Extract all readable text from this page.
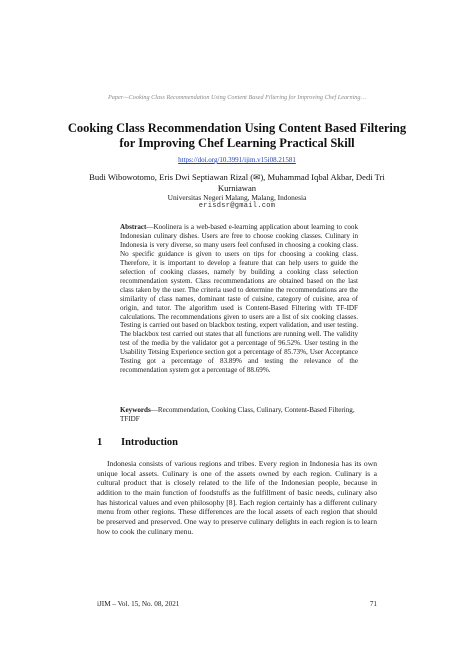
Paper—Cooking Class Recommendation Using Content Based Filtering for Improving Chef Learning…
Cooking Class Recommendation Using Content Based Filtering for Improving Chef Learning Practical Skill
https://doi.org/10.3991/ijim.v15i08.21581
Budi Wibowotomo, Eris Dwi Septiawan Rizal (✉), Muhammad Iqbal Akbar, Dedi Tri Kurniawan
Universitas Negeri Malang, Malang, Indonesia
erisdsr@gmail.com
Abstract—Koolinera is a web-based e-learning application about learning to cook Indonesian culinary dishes. Users are free to choose cooking classes. Culinary in Indonesia is very diverse, so many users feel confused in choosing a cooking class. No specific guidance is given to users on tips for choosing a cooking class. Therefore, it is important to develop a feature that can help users to guide the selection of cooking classes, namely by building a cooking class selection recommendation system. Class recommendations are obtained based on the last class taken by the user. The criteria used to determine the recommendations are the similarity of class names, dominant taste of cuisine, category of cuisine, area of origin, and tutor. The algorithm used is Content-Based Filtering with TF-IDF calculations. The recommendations given to users are a list of six cooking classes. Testing is carried out based on blackbox testing, expert validation, and user testing. The blackbox test carried out states that all functions are running well. The validity test of the media by the validator got a percentage of 96.52%. User testing in the Usability Tetsing Experience section got a percentage of 85.73%, User Acceptance Testing got a percentage of 83.89% and testing the relevance of the recommendation system got a percentage of 88.69%.
Keywords—Recommendation, Cooking Class, Culinary, Content-Based Filtering, TFIDF
1 Introduction
Indonesia consists of various regions and tribes. Every region in Indonesia has its own unique local assets. Culinary is one of the assets owned by each region. Culinary is a cultural product that is closely related to the life of the Indonesian people, because in addition to the main function of foodstuffs as the fulfillment of basic needs, culinary also has historical values and even philosophy [8]. Each region certainly has a different culinary menu from other regions. These differences are the local assets of each region that should be preserved and preserved. One way to preserve culinary delights in each region is to learn how to cook the culinary menu.
iJIM – Vol. 15, No. 08, 2021	71
